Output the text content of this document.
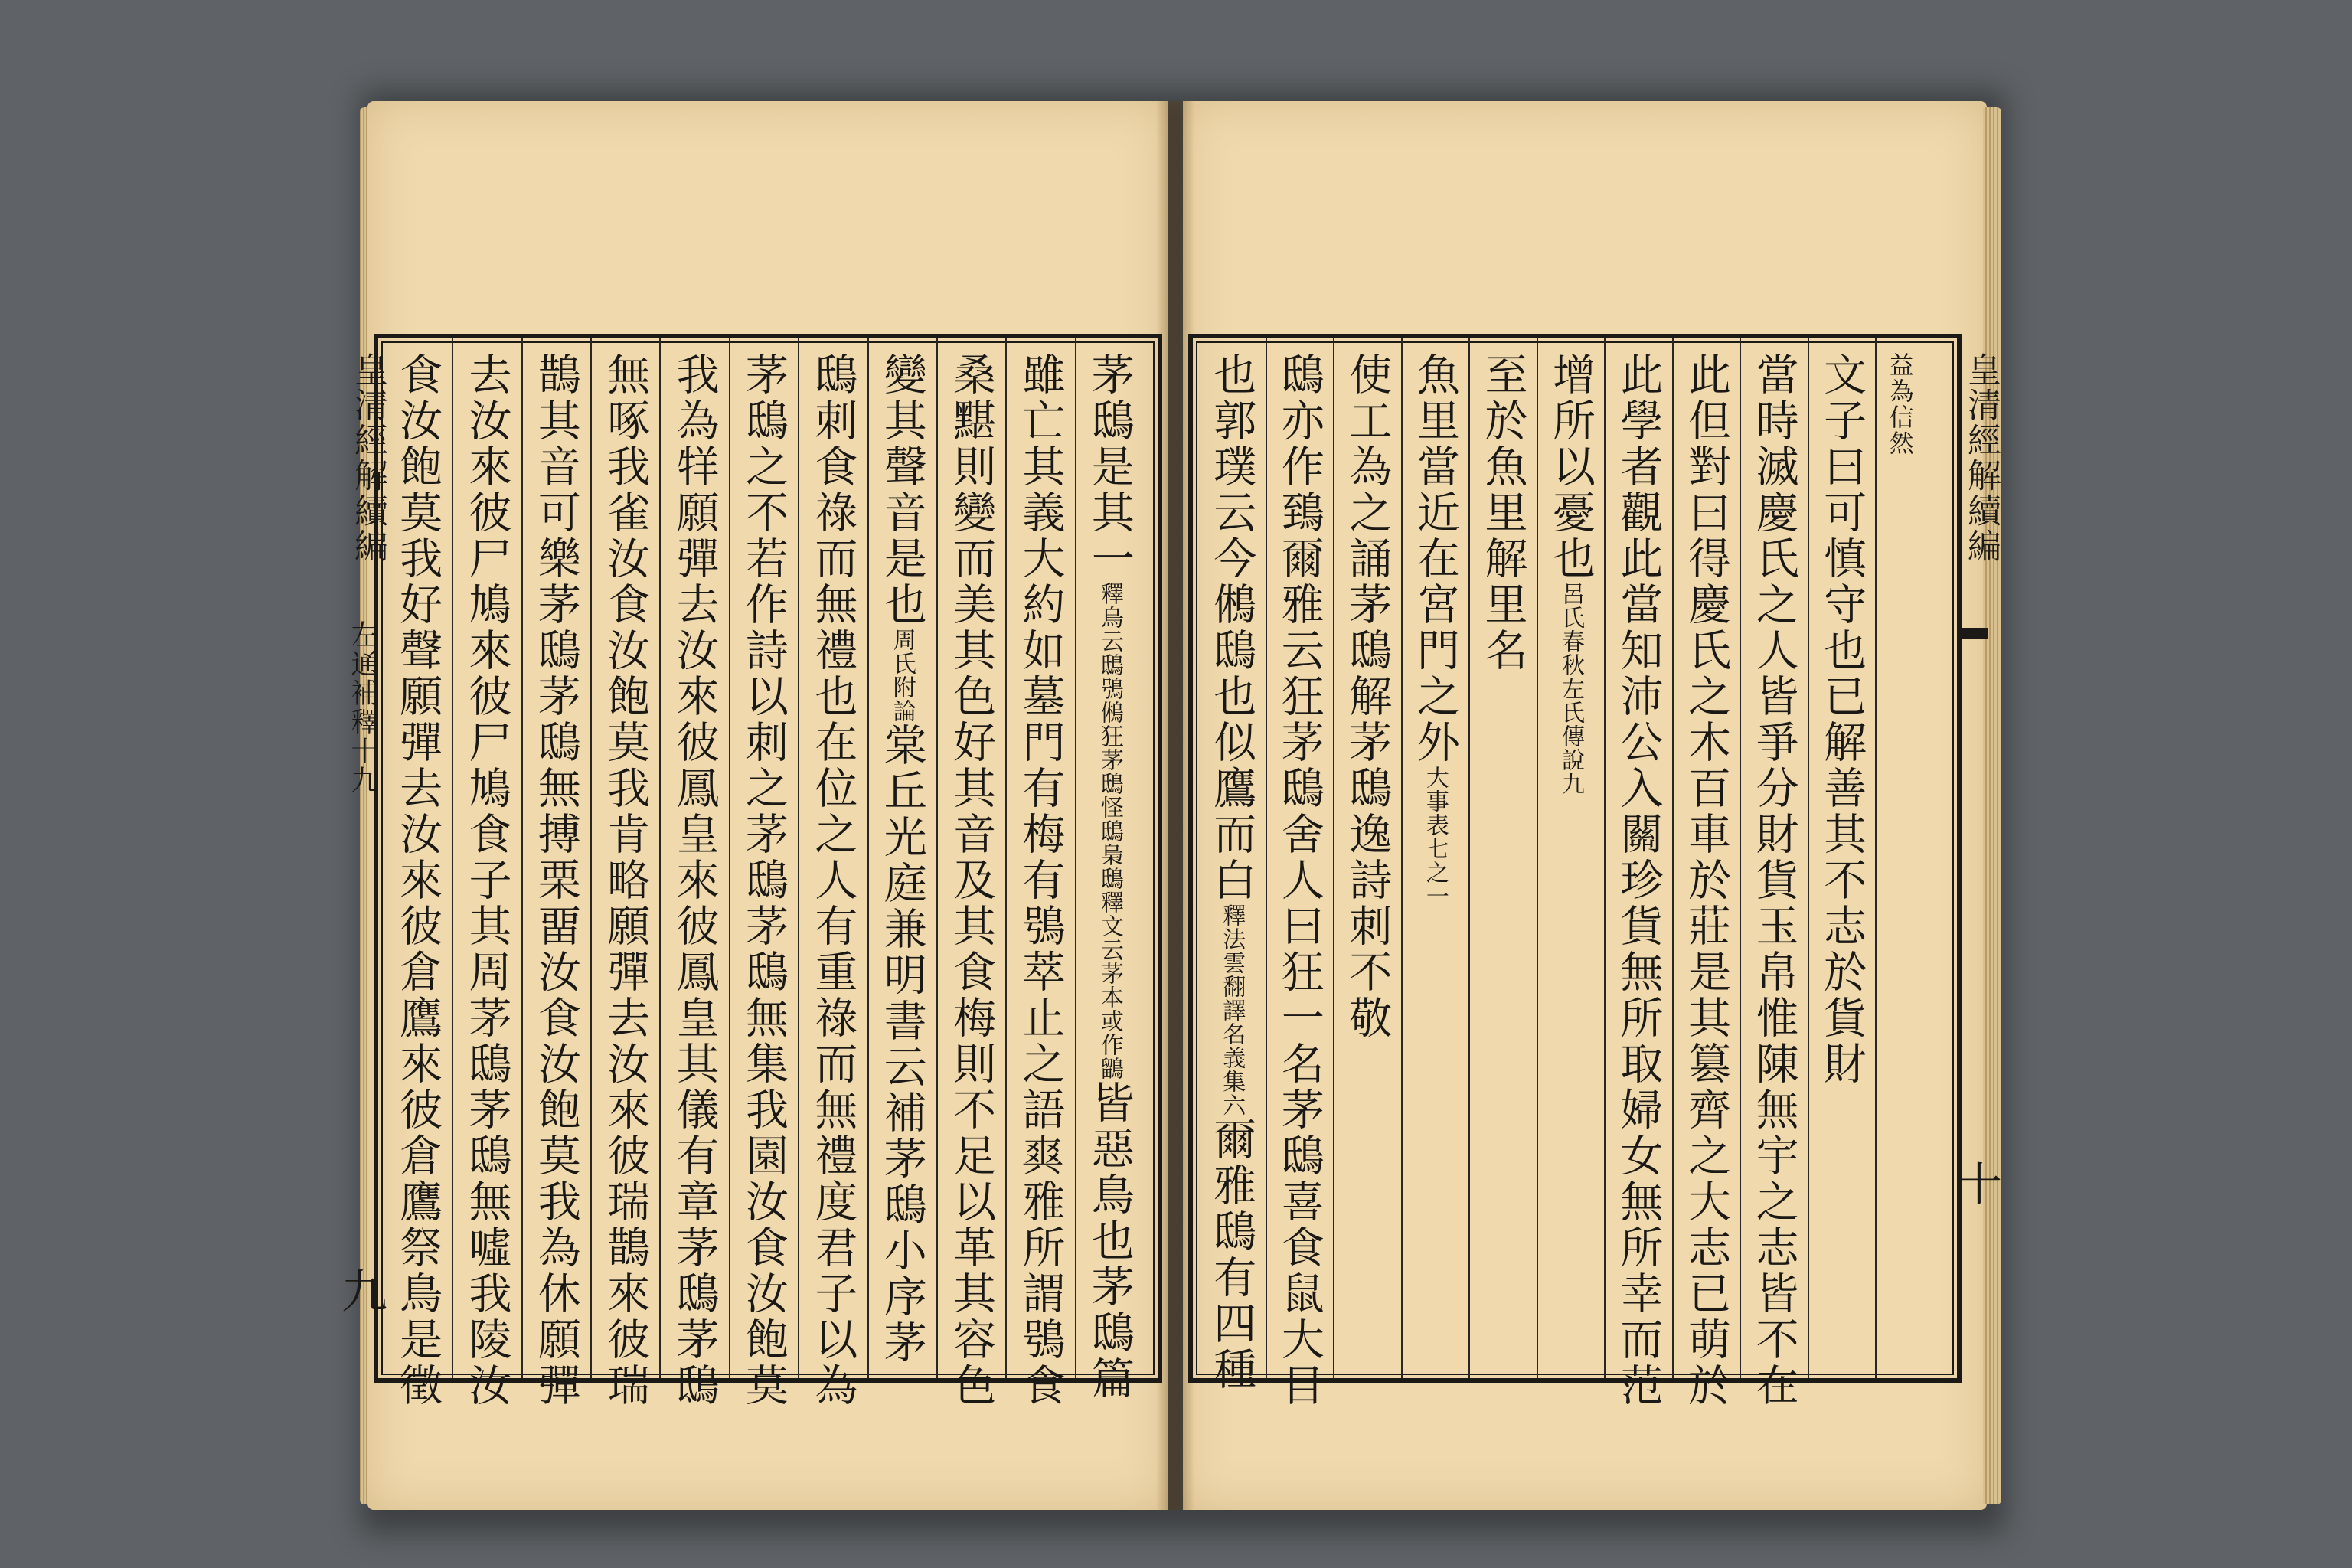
茅鴟是其一釋鳥云鴟鴞鵂狂茅鴟怪鴟梟鴟釋文云茅本或作鶹皆惡鳥也茅鴟篇
雖亡其義大約如墓門有梅有鴞萃止之語𤕤雅所謂鴞食
桑黮則變而美其色好其音及其食梅則不足以革其容色
變其聲音是也周氏附論棠丘光庭兼明書云補茅鴟小序茅
鴟刺食祿而無禮也在位之人有重祿而無禮度君子以為
茅鴟之不若作詩以刺之茅鴟茅鴟無集我園汝食汝飽莫
我為䍧願彈去汝來彼鳳皇來彼鳳皇其儀有章茅鴟茅鴟
無啄我雀汝食汝飽莫我肯略願彈去汝來彼瑞鵲來彼瑞
鵲其音可樂茅鴟茅鴟無搏栗畱汝食汝飽莫我為休願彈
去汝來彼尸鳩來彼尸鳩食子其周茅鴟茅鴟無噓我陵汝
食汝飽莫我好聲願彈去汝來彼倉鷹來彼倉鷹祭鳥是徵
皇清經解續編
左通補釋十九
九
益為信然
文子曰可慎守也已解善其不志於貨財
當時滅慶氏之人皆爭分財貨玉帛惟陳無宇之志皆不在
此但對曰得慶氏之木百車於莊是其篡齊之大志已萌於
此學者觀此當知沛公入關珍貨無所取婦女無所幸而范
增所以憂也呂氏春秋左氏傳說九
至於魚里解里名
魚里當近在宮門之外大事表七之一
使工為之誦茅鴟解茅鴟逸詩刺不敬
鴟亦作鵄爾雅云狂茅鴟舍人曰狂一名茅鴟喜食鼠大目
也郭璞云今鵂鴟也似鷹而白釋法雲翻譯名義集六爾雅鴟有四種
皇清經解續編
十
